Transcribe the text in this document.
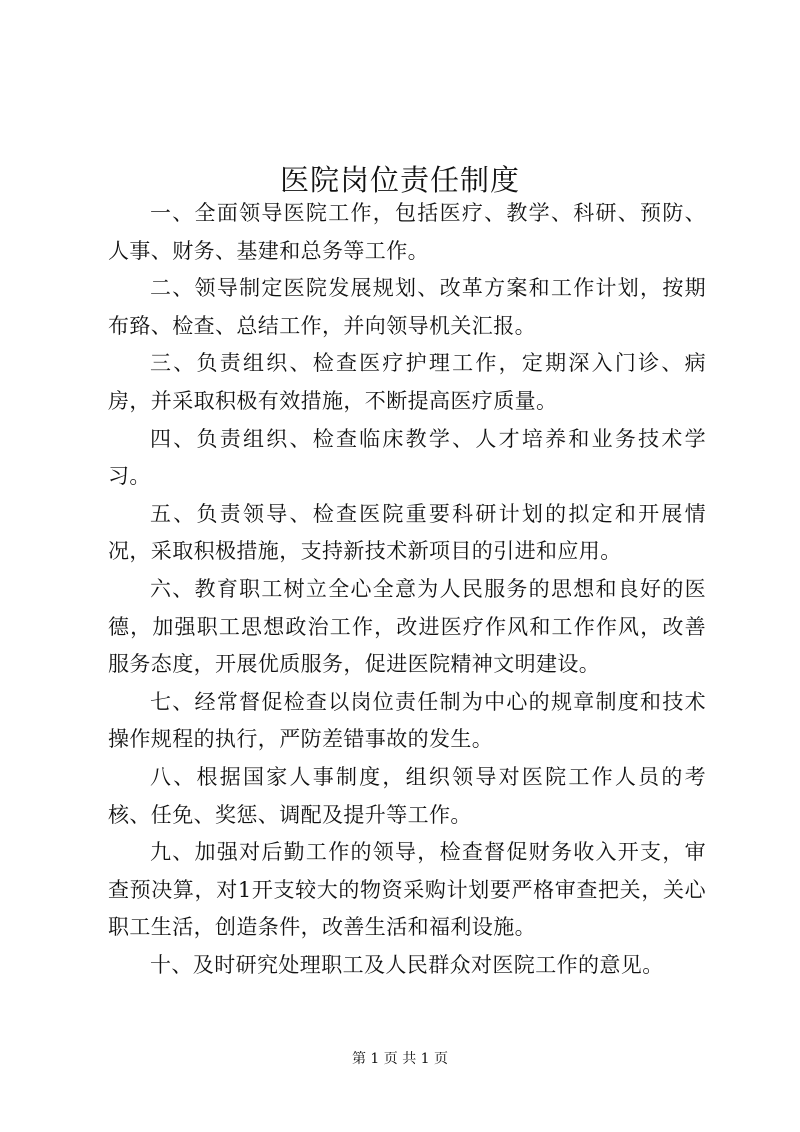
医院岗位责任制度

一、全面领导医院工作，包括医疗、教学、科研、预防、人事、财务、基建和总务等工作。

二、领导制定医院发展规划、改革方案和工作计划，按期布臵、检查、总结工作，并向领导机关汇报。

三、负责组织、检查医疗护理工作，定期深入门诊、病房，并采取积极有效措施，不断提高医疗质量。

四、负责组织、检查临床教学、人才培养和业务技术学习。

五、负责领导、检查医院重要科研计划的拟定和开展情况，采取积极措施，支持新技术新项目的引进和应用。

六、教育职工树立全心全意为人民服务的思想和良好的医德，加强职工思想政治工作，改进医疗作风和工作作风，改善服务态度，开展优质服务，促进医院精神文明建设。

七、经常督促检查以岗位责任制为中心的规章制度和技术操作规程的执行，严防差错事故的发生。

八、根据国家人事制度，组织领导对医院工作人员的考核、任免、奖惩、调配及提升等工作。

九、加强对后勤工作的领导，检查督促财务收入开支，审查预决算，对1开支较大的物资采购计划要严格审查把关，关心职工生活，创造条件，改善生活和福利设施。

十、及时研究处理职工及人民群众对医院工作的意见。

第 1 页 共 1 页
